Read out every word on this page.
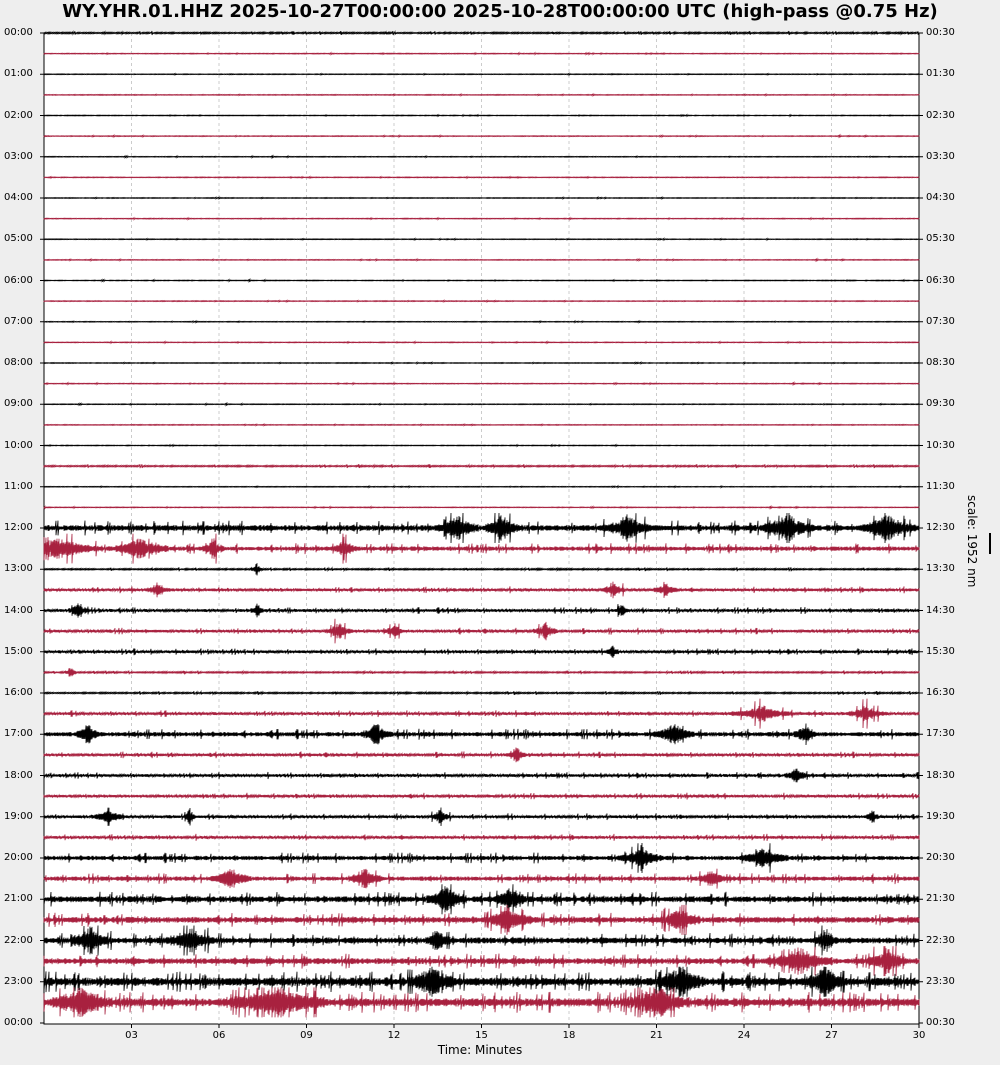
WY.YHR.01.HHZ 2025-10-27T00:00:00 2025-10-28T00:00:00 UTC (high-pass @0.75 Hz)
00:00
01:00
02:00
03:00
04:00
05:00
06:00
07:00
08:00
09:00
10:00
11:00
12:00
13:00
14:00
15:00
16:00
17:00
18:00
19:00
20:00
21:00
22:00
23:00
00:00
00:30
01:30
02:30
03:30
04:30
05:30
06:30
07:30
08:30
09:30
10:30
11:30
12:30
13:30
14:30
15:30
16:30
17:30
18:30
19:30
20:30
21:30
22:30
23:30
00:30
03	06	09	12	15	18	21	24	27	30
Time: Minutes
scale: 1952 nm
